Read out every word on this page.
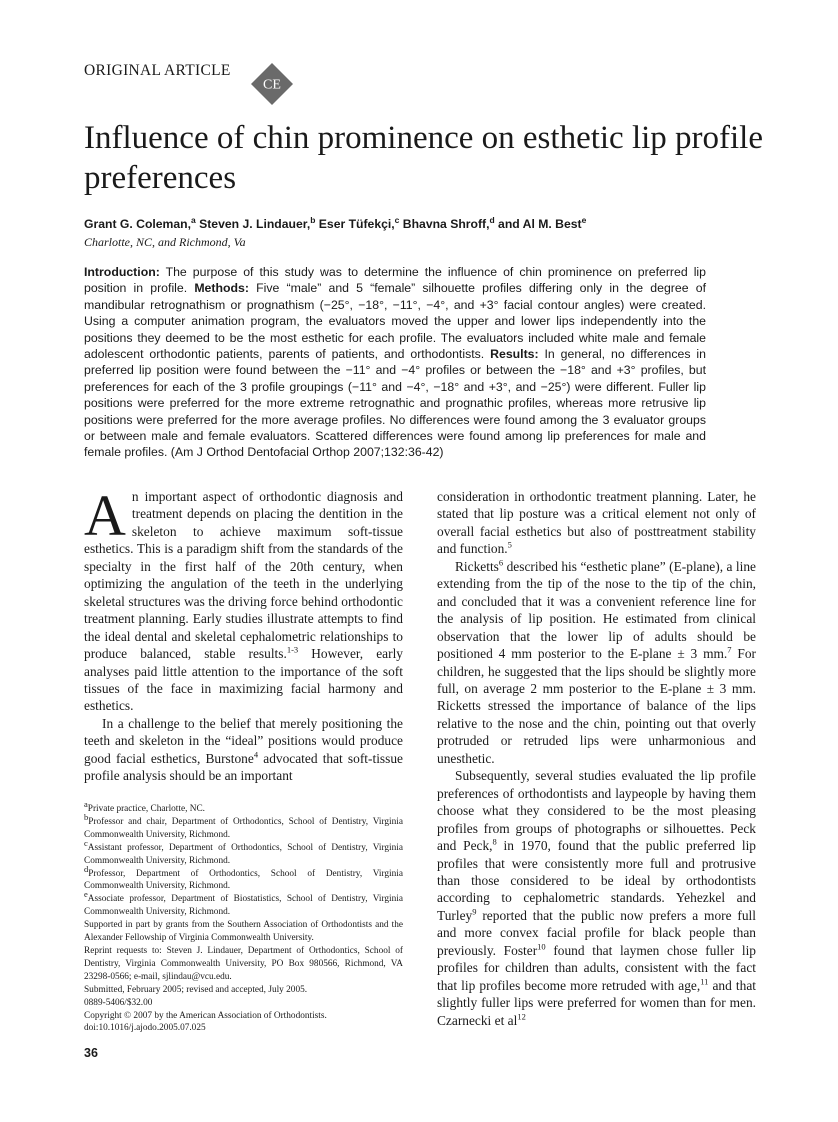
ORIGINAL ARTICLE
CE
Influence of chin prominence on esthetic lip profile preferences
Grant G. Coleman,$^a$ Steven J. Lindauer,$^b$ Eser Tüfekçi,$^c$ Bhavna Shroff,$^d$ and Al M. Best$^e$
Charlotte, NC, and Richmond, Va
Introduction: The purpose of this study was to determine the influence of chin prominence on preferred lip position in profile. Methods: Five “male” and 5 “female” silhouette profiles differing only in the degree of mandibular retrognathism or prognathism (−25°, −18°, −11°, −4°, and +3° facial contour angles) were created. Using a computer animation program, the evaluators moved the upper and lower lips independently into the positions they deemed to be the most esthetic for each profile. The evaluators included white male and female adolescent orthodontic patients, parents of patients, and orthodontists. Results: In general, no differences in preferred lip position were found between the −11° and −4° profiles or between the −18° and +3° profiles, but preferences for each of the 3 profile groupings (−11° and −4°, −18° and +3°, and −25°) were different. Fuller lip positions were preferred for the more extreme retrognathic and prognathic profiles, whereas more retrusive lip positions were preferred for the more average profiles. No differences were found among the 3 evaluator groups or between male and female evaluators. Scattered differences were found among lip preferences for male and female profiles. (Am J Orthod Dentofacial Orthop 2007;132:36-42)

An important aspect of orthodontic diagnosis and treatment depends on placing the dentition in the skeleton to achieve maximum soft-tissue esthetics. This is a paradigm shift from the standards of the specialty in the first half of the 20th century, when optimizing the angulation of the teeth in the underlying skeletal structures was the driving force behind orthodontic treatment planning. Early studies illustrate attempts to find the ideal dental and skeletal cephalometric relationships to produce balanced, stable results.$^{1-3}$ However, early analyses paid little attention to the importance of the soft tissues of the face in maximizing facial harmony and esthetics.

In a challenge to the belief that merely positioning the teeth and skeleton in the “ideal” positions would produce good facial esthetics, Burstone$^4$ advocated that soft-tissue profile analysis should be an important

consideration in orthodontic treatment planning. Later, he stated that lip posture was a critical element not only of overall facial esthetics but also of posttreatment stability and function.$^5$

Ricketts$^6$ described his “esthetic plane” (E-plane), a line extending from the tip of the nose to the tip of the chin, and concluded that it was a convenient reference line for the analysis of lip position. He estimated from clinical observation that the lower lip of adults should be positioned 4 mm posterior to the E-plane ± 3 mm.$^7$ For children, he suggested that the lips should be slightly more full, on average 2 mm posterior to the E-plane ± 3 mm. Ricketts stressed the importance of balance of the lips relative to the nose and the chin, pointing out that overly protruded or retruded lips were unharmonious and unesthetic.

Subsequently, several studies evaluated the lip profile preferences of orthodontists and laypeople by having them choose what they considered to be the most pleasing profiles from groups of photographs or silhouettes. Peck and Peck,$^8$ in 1970, found that the public preferred lip profiles that were consistently more full and protrusive than those considered to be ideal by orthodontists according to cephalometric standards. Yehezkel and Turley$^9$ reported that the public now prefers a more full and more convex facial profile for black people than previously. Foster$^{10}$ found that laymen chose fuller lip profiles for children than adults, consistent with the fact that lip profiles become more retruded with age,$^{11}$ and that slightly fuller lips were preferred for women than for men. Czarnecki et $al^{12}$

$^a$Private practice, Charlotte, NC.
$^b$Professor and chair, Department of Orthodontics, School of Dentistry, Virginia Commonwealth University, Richmond.
$^c$Assistant professor, Department of Orthodontics, School of Dentistry, Virginia Commonwealth University, Richmond.
$^d$Professor, Department of Orthodontics, School of Dentistry, Virginia Commonwealth University, Richmond.
$^e$Associate professor, Department of Biostatistics, School of Dentistry, Virginia Commonwealth University, Richmond.
Supported in part by grants from the Southern Association of Orthodontists and the Alexander Fellowship of Virginia Commonwealth University.
Reprint requests to: Steven J. Lindauer, Department of Orthodontics, School of Dentistry, Virginia Commonwealth University, PO Box 980566, Richmond, VA 23298-0566; e-mail, sjlindau@vcu.edu.
Submitted, February 2005; revised and accepted, July 2005.
0889-5406/$32.00
Copyright © 2007 by the American Association of Orthodontists.
doi:10.1016/j.ajodo.2005.07.025
36
